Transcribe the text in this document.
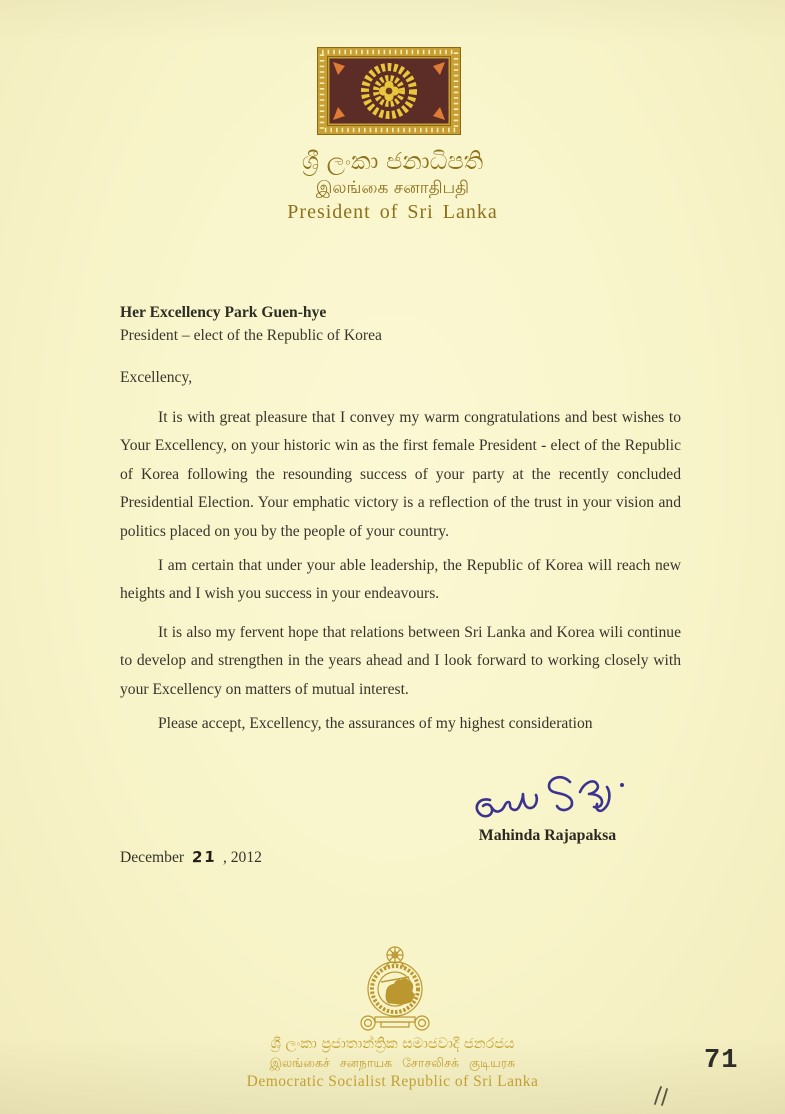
ශ්‍රී ලංකා ජනාධිපති
இலங்கை சனாதிபதி
President of Sri Lanka
Her Excellency Park Guen-hye
President – elect of the Republic of Korea
Excellency,

It is with great pleasure that I convey my warm congratulations and best wishes to Your Excellency, on your historic win as the first female President - elect of the Republic of Korea following the resounding success of your party at the recently concluded Presidential Election. Your emphatic victory is a reflection of the trust in your vision and politics placed on you by the people of your country.

I am certain that under your able leadership, the Republic of Korea will reach new heights and I wish you success in your endeavours.

It is also my fervent hope that relations between Sri Lanka and Korea wili continue to develop and strengthen in the years ahead and I look forward to working closely with your Excellency on matters of mutual interest.

Please accept, Excellency, the assurances of my highest consideration

Mahinda Rajapaksa
December 21 , 2012
ශ්‍රී ලංකා ප්‍රජාතාන්ත්‍රික සමාජවාදී ජනරජය
இலங்கைச் சனநாயக சோசலிசக் குடியரசு
Democratic Socialist Republic of Sri Lanka
71
